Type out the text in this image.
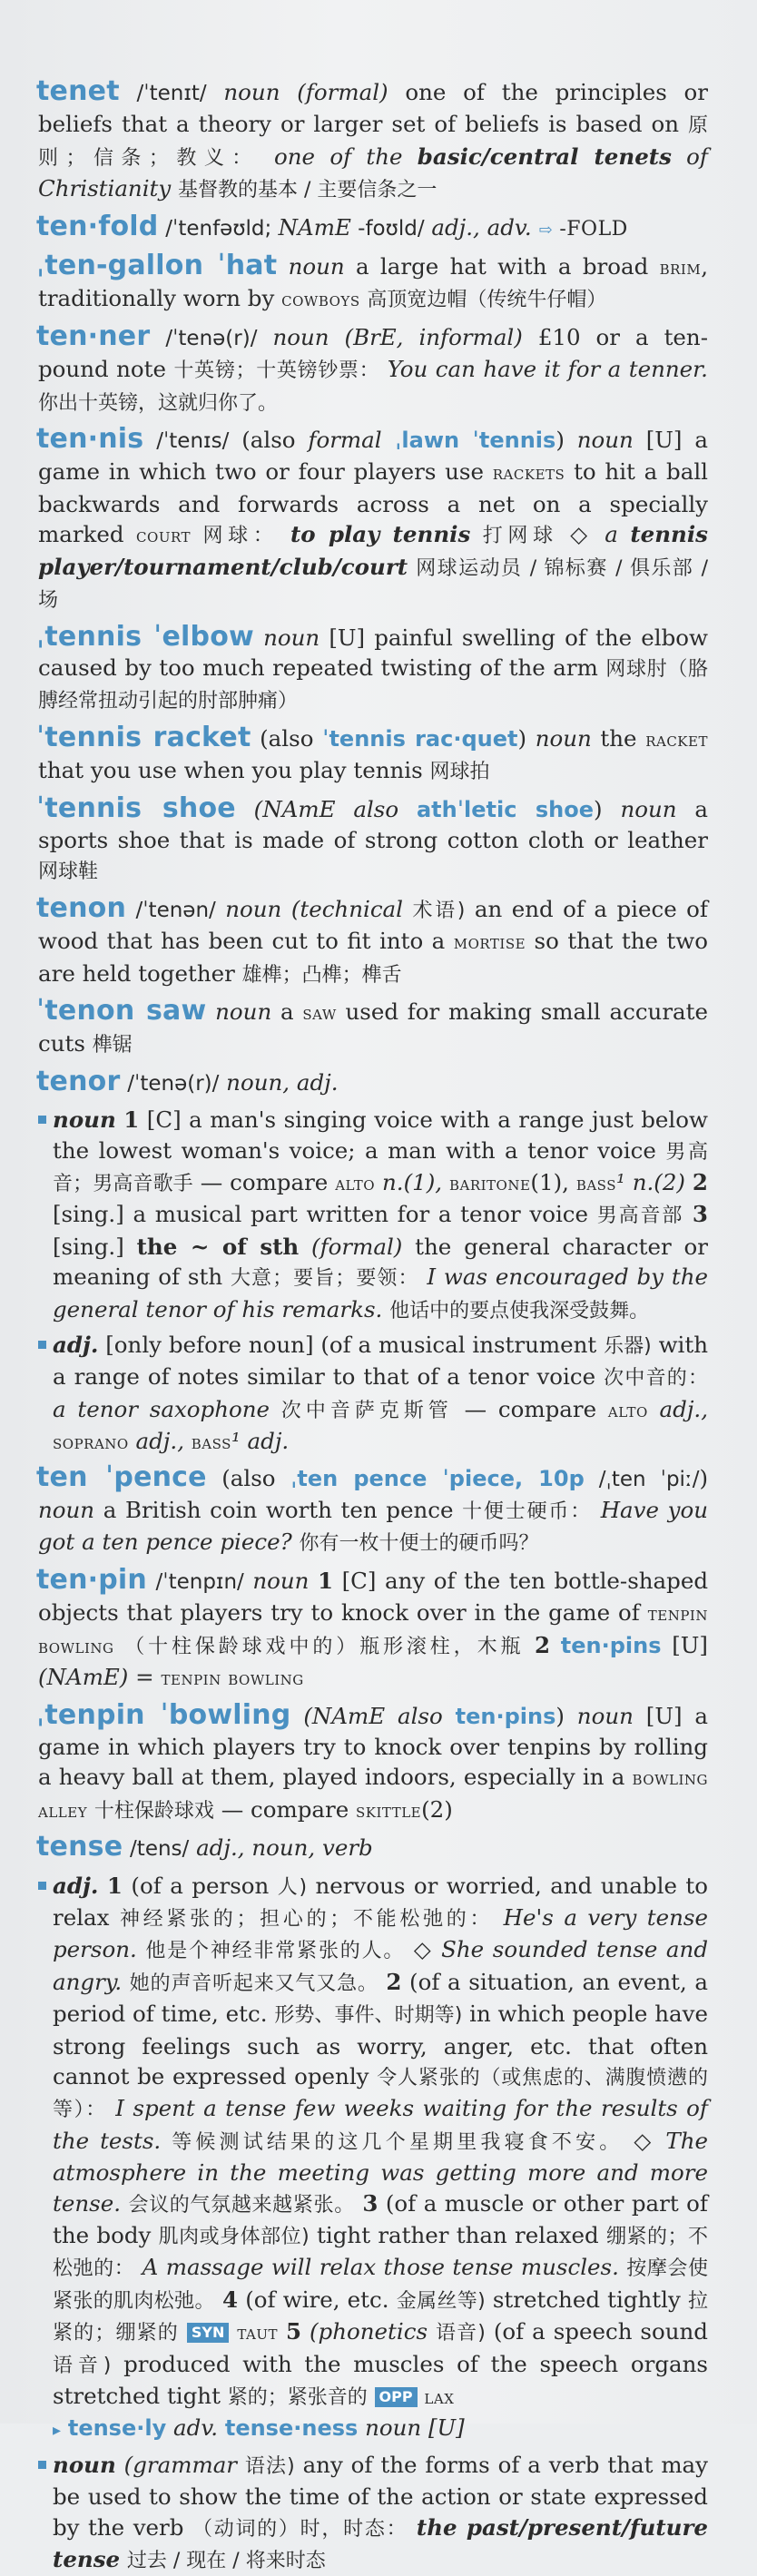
tenet /ˈtenɪt/ noun (formal) one of the principles or beliefs that a theory or larger set of beliefs is based on 原则；信条；教义： one of the basic/central tenets of Christianity 基督教的基本 / 主要信条之一
ten·fold /ˈtenfəʊld; NAmE -foʊld/ adj., adv. ⇨ -FOLD
ˌten-gallon ˈhat noun a large hat with a broad brim, traditionally worn by cowboys 高顶宽边帽（传统牛仔帽）
ten·ner /ˈtenə(r)/ noun (BrE, informal) £10 or a ten-pound note 十英镑；十英镑钞票： You can have it for a tenner. 你出十英镑，这就归你了。
ten·nis /ˈtenɪs/ (also formal ˌlawn ˈtennis) noun [U] a game in which two or four players use rackets to hit a ball backwards and forwards across a net on a specially marked court 网球： to play tennis 打网球 ◇ a tennis player/tournament/club/court 网球运动员 / 锦标赛 / 俱乐部 / 场
ˌtennis ˈelbow noun [U] painful swelling of the elbow caused by too much repeated twisting of the arm 网球肘（胳膊经常扭动引起的肘部肿痛）
ˈtennis racket (also ˈtennis rac·quet) noun the racket that you use when you play tennis 网球拍
ˈtennis shoe (NAmE also athˈletic shoe) noun a sports shoe that is made of strong cotton cloth or leather 网球鞋
tenon /ˈtenən/ noun (technical 术语) an end of a piece of wood that has been cut to fit into a mortise so that the two are held together 雄榫；凸榫；榫舌
ˈtenon saw noun a saw used for making small accurate cuts 榫锯
tenor /ˈtenə(r)/ noun, adj.
noun 1 [C] a man's singing voice with a range just below the lowest woman's voice; a man with a tenor voice 男高音；男高音歌手 — compare alto n.(1), baritone(1), bass¹ n.(2) 2 [sing.] a musical part written for a tenor voice 男高音部 3 [sing.] the ~ of sth (formal) the general character or meaning of sth 大意；要旨；要领： I was encouraged by the general tenor of his remarks. 他话中的要点使我深受鼓舞。
adj. [only before noun] (of a musical instrument 乐器) with a range of notes similar to that of a tenor voice 次中音的： a tenor saxophone 次中音萨克斯管 — compare alto adj., soprano adj., bass¹ adj.
ten ˈpence (also ˌten pence ˈpiece, 10p /ˌten ˈpiː/) noun a British coin worth ten pence 十便士硬币： Have you got a ten pence piece? 你有一枚十便士的硬币吗？
ten·pin /ˈtenpɪn/ noun 1 [C] any of the ten bottle-shaped objects that players try to knock over in the game of tenpin bowling （十柱保龄球戏中的）瓶形滚柱，木瓶 2 ten·pins [U] (NAmE) = tenpin bowling
ˌtenpin ˈbowling (NAmE also ten·pins) noun [U] a game in which players try to knock over tenpins by rolling a heavy ball at them, played indoors, especially in a bowling alley 十柱保龄球戏 — compare skittle(2)
tense /tens/ adj., noun, verb
adj. 1 (of a person 人) nervous or worried, and unable to relax 神经紧张的；担心的；不能松弛的： He's a very tense person. 他是个神经非常紧张的人。 ◇ She sounded tense and angry. 她的声音听起来又气又急。 2 (of a situation, an event, a period of time, etc. 形势、事件、时期等) in which people have strong feelings such as worry, anger, etc. that often cannot be expressed openly 令人紧张的（或焦虑的、满腹愤懑的等）： I spent a tense few weeks waiting for the results of the tests. 等候测试结果的这几个星期里我寝食不安。 ◇ The atmosphere in the meeting was getting more and more tense. 会议的气氛越来越紧张。 3 (of a muscle or other part of the body 肌肉或身体部位) tight rather than relaxed 绷紧的；不松弛的： A massage will relax those tense muscles. 按摩会使紧张的肌肉松弛。 4 (of wire, etc. 金属丝等) stretched tightly 拉紧的；绷紧的 SYN taut 5 (phonetics 语音) (of a speech sound 语音) produced with the muscles of the speech organs stretched tight 紧的；紧张音的 OPP lax
▸ tense·ly adv. tense·ness noun [U]
noun (grammar 语法) any of the forms of a verb that may be used to show the time of the action or state expressed by the verb （动词的）时，时态： the past/present/future tense 过去 / 现在 / 将来时态
